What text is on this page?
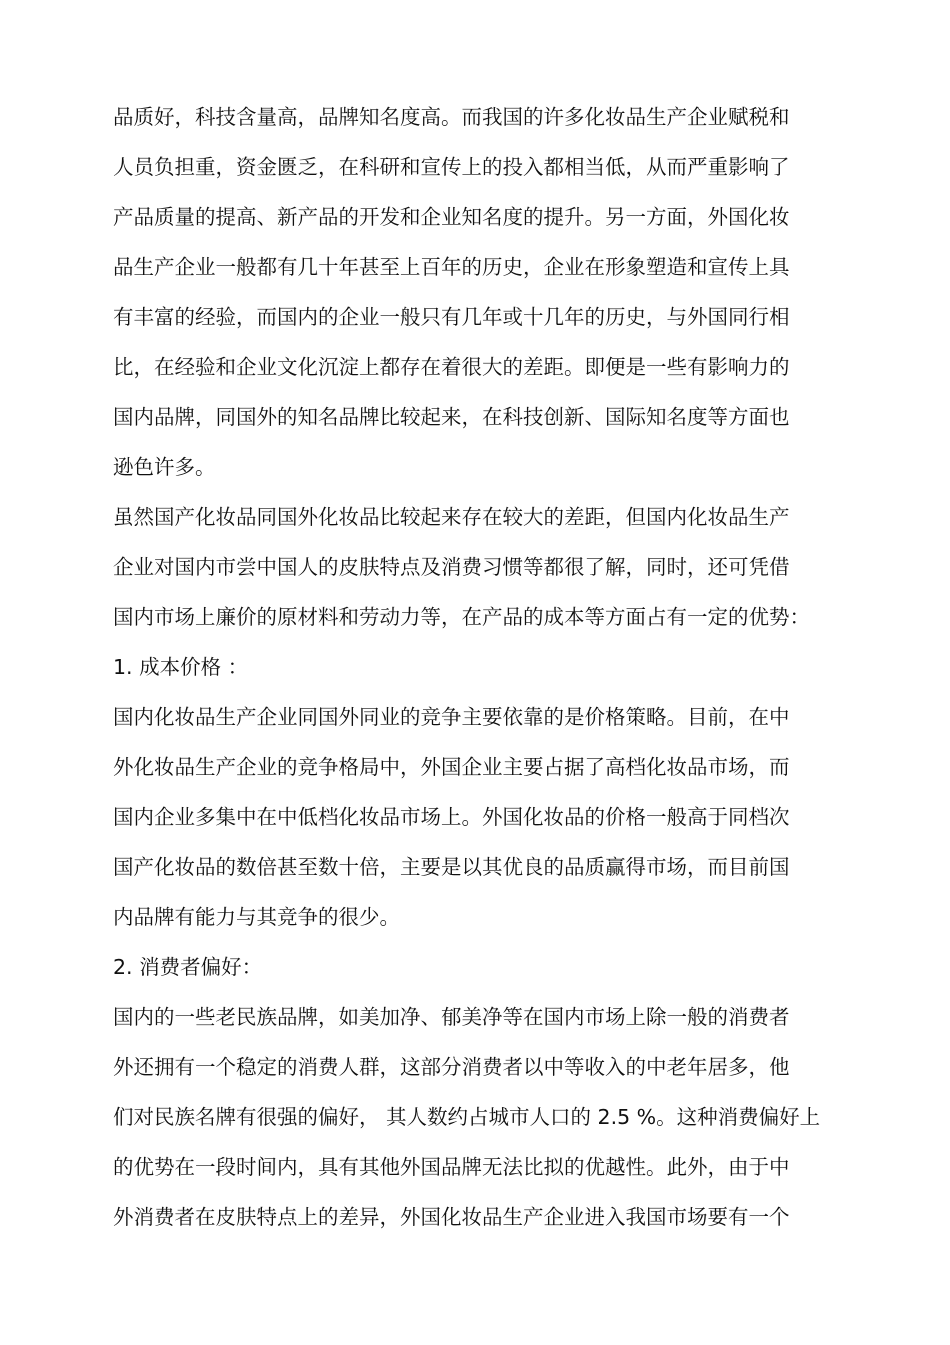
品质好，科技含量高，品牌知名度高。而我国的许多化妆品生产企业赋税和
人员负担重，资金匮乏，在科研和宣传上的投入都相当低，从而严重影响了
产品质量的提高、新产品的开发和企业知名度的提升。另一方面，外国化妆
品生产企业一般都有几十年甚至上百年的历史，企业在形象塑造和宣传上具
有丰富的经验，而国内的企业一般只有几年或十几年的历史，与外国同行相
比，在经验和企业文化沉淀上都存在着很大的差距。即便是一些有影响力的
国内品牌，同国外的知名品牌比较起来，在科技创新、国际知名度等方面也
逊色许多。
虽然国产化妆品同国外化妆品比较起来存在较大的差距，但国内化妆品生产
企业对国内市尝中国人的皮肤特点及消费习惯等都很了解，同时，还可凭借
国内市场上廉价的原材料和劳动力等，在产品的成本等方面占有一定的优势：
1. 成本价格 ：
国内化妆品生产企业同国外同业的竞争主要依靠的是价格策略。目前，在中
外化妆品生产企业的竞争格局中，外国企业主要占据了高档化妆品市场，而
国内企业多集中在中低档化妆品市场上。外国化妆品的价格一般高于同档次
国产化妆品的数倍甚至数十倍，主要是以其优良的品质赢得市场，而目前国
内品牌有能力与其竞争的很少。
2. 消费者偏好：
国内的一些老民族品牌，如美加净、郁美净等在国内市场上除一般的消费者
外还拥有一个稳定的消费人群，这部分消费者以中等收入的中老年居多，他
们对民族名牌有很强的偏好， 其人数约占城市人口的 2.5 %。这种消费偏好上
的优势在一段时间内，具有其他外国品牌无法比拟的优越性。此外，由于中
外消费者在皮肤特点上的差异，外国化妆品生产企业进入我国市场要有一个
